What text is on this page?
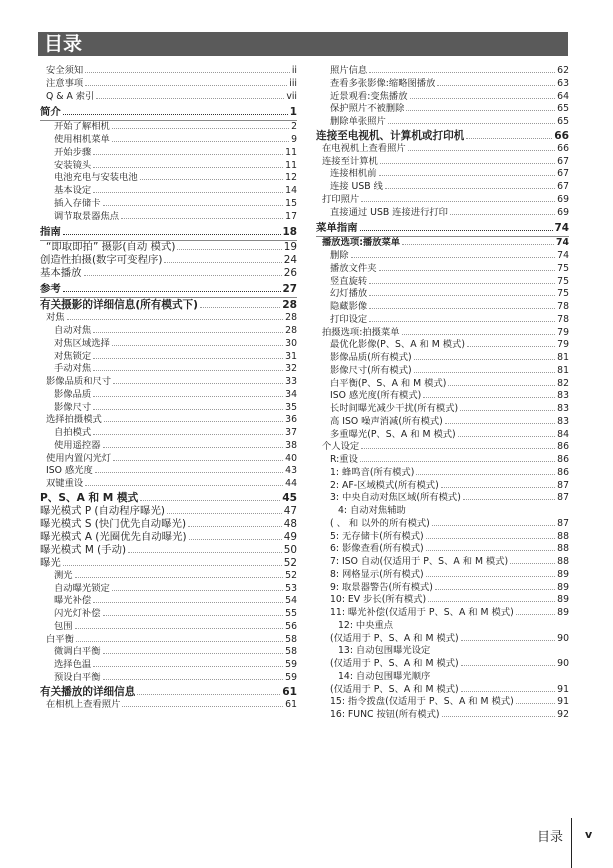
目录
安全须知	ii
注意事项	iii
Q & A 索引	vii
简介	1
开始了解相机	2
使用相机菜单	9
开始步骤	11
安装镜头	11
电池充电与安装电池	12
基本设定	14
插入存储卡	15
调节取景器焦点	17
指南	18
“即取即拍” 摄影(自动 模式)	19
创造性拍摄(数字可变程序)	24
基本播放	26
参考	27
有关摄影的详细信息(所有模式下)	28
对焦	28
自动对焦	28
对焦区域选择	30
对焦锁定	31
手动对焦	32
影像品质和尺寸	33
影像品质	34
影像尺寸	35
选择拍摄模式	36
自拍模式	37
使用遥控器	38
使用内置闪光灯	40
ISO 感光度	43
双键重设	44
P、S、A 和 M 模式	45
曝光模式 P (自动程序曝光)	47
曝光模式 S (快门优先自动曝光)	48
曝光模式 A (光圈优先自动曝光)	49
曝光模式 M (手动)	50
曝光	52
测光	52
自动曝光锁定	53
曝光补偿	54
闪光灯补偿	55
包围	56
白平衡	58
微调白平衡	58
选择色温	59
预设白平衡	59
有关播放的详细信息	61
在相机上查看照片	61
照片信息	62
查看多张影像:缩略图播放	63
近景观看:变焦播放	64
保护照片不被删除	65
删除单张照片	65
连接至电视机、计算机或打印机	66
在电视机上查看照片	66
连接至计算机	67
连接相机前	67
连接 USB 线	67
打印照片	69
直接通过 USB 连接进行打印	69
菜单指南	74
播放选项:播放菜单	74
删除	74
播放文件夹	75
竖直旋转	75
幻灯播放	75
隐藏影像	78
打印设定	78
拍摄选项:拍摄菜单	79
最优化影像(P、S、A 和 M 模式)	79
影像品质(所有模式)	81
影像尺寸(所有模式)	81
白平衡(P、S、A 和 M 模式)	82
ISO 感光度(所有模式)	83
长时间曝光减少干扰(所有模式)	83
高 ISO 噪声消减(所有模式)	83
多重曝光(P、S、A 和 M 模式)	84
个人设定	86
R:重设	86
1: 蜂鸣音(所有模式)	86
2: AF-区域模式(所有模式)	87
3: 中央自动对焦区域(所有模式)	87
4: 自动对焦辅助
( 、 和 以外的所有模式)	87
5: 无存储卡(所有模式)	88
6: 影像查看(所有模式)	88
7: ISO 自动(仅适用于 P、S、A 和 M 模式)	88
8: 网格显示(所有模式)	89
9: 取景器警告(所有模式)	89
10: EV 步长(所有模式)	89
11: 曝光补偿(仅适用于 P、S、A 和 M 模式)	89
12: 中央重点
(仅适用于 P、S、A 和 M 模式)	90
13: 自动包围曝光设定
(仅适用于 P、S、A 和 M 模式)	90
14: 自动包围曝光顺序
(仅适用于 P、S、A 和 M 模式)	91
15: 指令拨盘(仅适用于 P、S、A 和 M 模式)	91
16: FUNC 按钮(所有模式)	92
目录 v
